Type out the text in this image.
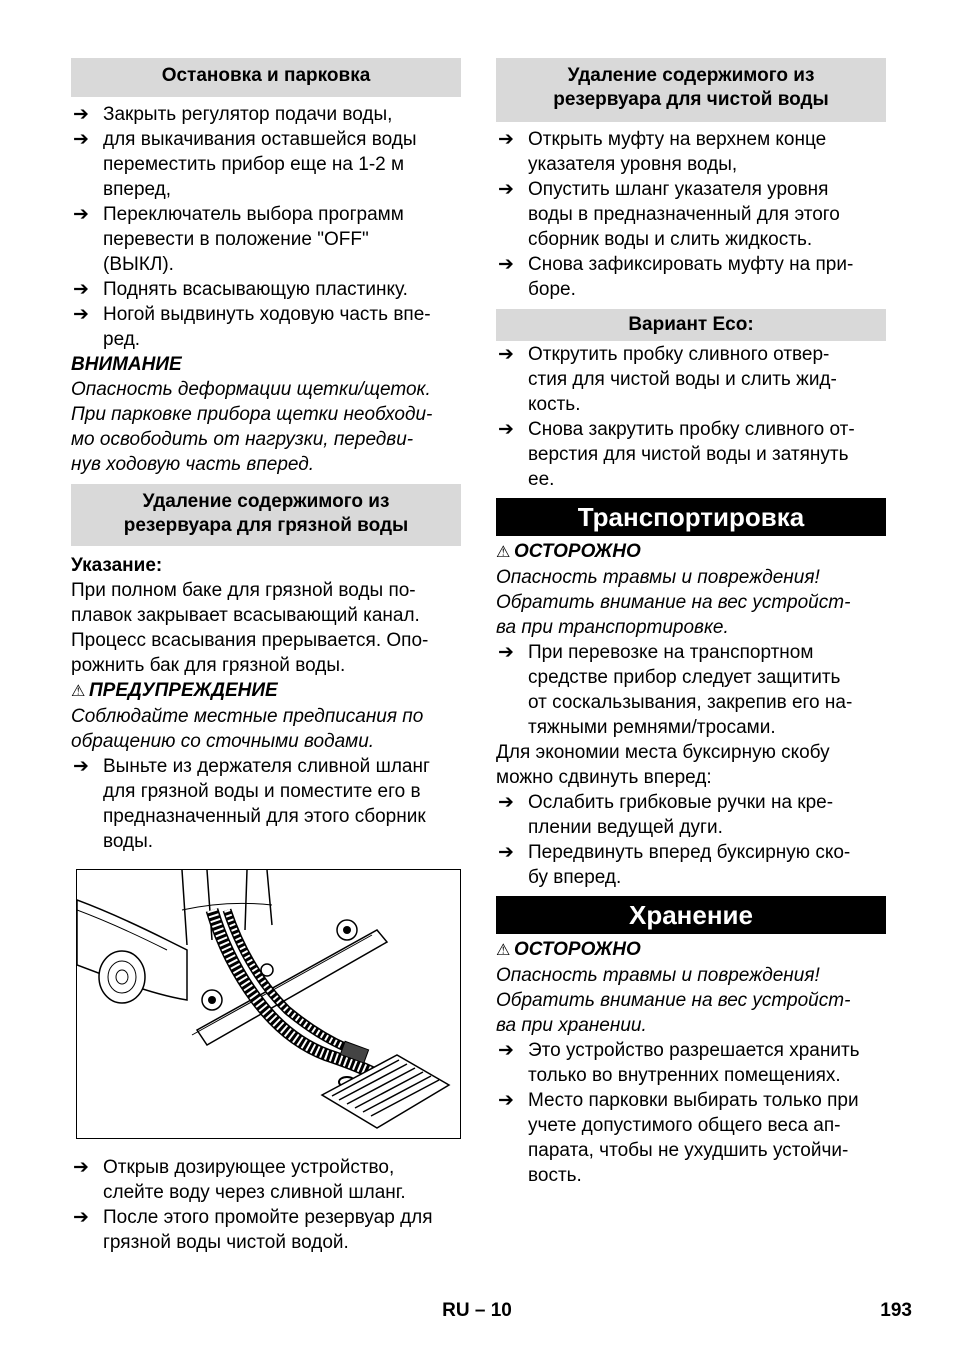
Остановка и парковка
➔ Закрыть регулятор подачи воды,
➔ для выкачивания оставшейся воды
переместить прибор еще на 1-2 м
вперед,
➔ Переключатель выбора программ
перевести в положение "OFF"
(ВЫКЛ).
➔ Поднять всасывающую пластинку.
➔ Ногой выдвинуть ходовую часть впе-
ред.
ВНИМАНИЕ
Опасность деформации щетки/щеток.
При парковке прибора щетки необходи-
мо освободить от нагрузки, передви-
нув ходовую часть вперед.
Удаление содержимого из
резервуара для грязной воды
Указание:
При полном баке для грязной воды по-
плавок закрывает всасывающий канал.
Процесс всасывания прерывается. Опо-
рожнить бак для грязной воды.
⚠ ПРЕДУПРЕЖДЕНИЕ
Соблюдайте местные предписания по
обращению со сточными водами.
➔ Выньте из держателя сливной шланг
для грязной воды и поместите его в
предназначенный для этого сборник
воды.
➔ Открыв дозирующее устройство,
слейте воду через сливной шланг.
➔ После этого промойте резервуар для
грязной воды чистой водой.
Удаление содержимого из
резервуара для чистой воды
➔ Открыть муфту на верхнем конце
указателя уровня воды,
➔ Опустить шланг указателя уровня
воды в предназначенный для этого
сборник воды и слить жидкость.
➔ Снова зафиксировать муфту на при-
боре.
Вариант Eco:
➔ Открутить пробку сливного отвер-
стия для чистой воды и слить жид-
кость.
➔ Снова закрутить пробку сливного от-
верстия для чистой воды и затянуть
ее.
Транспортировка
⚠ ОСТОРОЖНО
Опасность травмы и повреждения!
Обратить внимание на вес устройст-
ва при транспортировке.
➔ При перевозке на транспортном
средстве прибор следует защитить
от соскальзывания, закрепив его на-
тяжными ремнями/тросами.
Для экономии места буксирную скобу
можно сдвинуть вперед:
➔ Ослабить грибковые ручки на кре-
плении ведущей дуги.
➔ Передвинуть вперед буксирную ско-
бу вперед.
Хранение
⚠ ОСТОРОЖНО
Опасность травмы и повреждения!
Обратить внимание на вес устройст-
ва при хранении.
➔ Это устройство разрешается хранить
только во внутренних помещениях.
➔ Место парковки выбирать только при
учете допустимого общего веса ап-
парата, чтобы не ухудшить устойчи-
вость.
RU – 10	193
